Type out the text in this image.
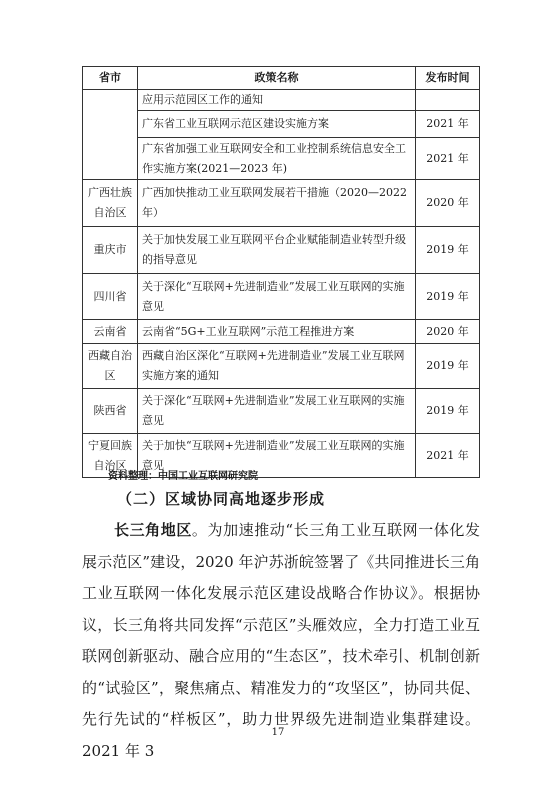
省市	政策名称	发布时间
	应用示范园区工作的通知	
	广东省工业互联网示范区建设实施方案	2021 年
	广东省加强工业互联网安全和工业控制系统信息安全工作实施方案(2021—2023 年)	2021 年
广西壮族自治区	广西加快推动工业互联网发展若干措施（2020—2022年）	2020 年
重庆市	关于加快发展工业互联网平台企业赋能制造业转型升级的指导意见	2019 年
四川省	关于深化“互联网+先进制造业”发展工业互联网的实施意见	2019 年
云南省	云南省“5G+工业互联网”示范工程推进方案	2020 年
西藏自治区	西藏自治区深化“互联网+先进制造业”发展工业互联网实施方案的通知	2019 年
陕西省	关于深化“互联网+先进制造业”发展工业互联网的实施意见	2019 年
宁夏回族自治区	关于加快“互联网+先进制造业”发展工业互联网的实施意见	2021 年
资料整理：中国工业互联网研究院
（二）区域协同高地逐步形成

长三角地区。为加速推动“长三角工业互联网一体化发展示范区”建设，2020 年沪苏浙皖签署了《共同推进长三角工业互联网一体化发展示范区建设战略合作协议》。根据协议，长三角将共同发挥“示范区”头雁效应，全力打造工业互联网创新驱动、融合应用的“生态区”，技术牵引、机制创新的“试验区”，聚焦痛点、精准发力的“攻坚区”，协同共促、先行先试的“样板区”，助力世界级先进制造业集群建设。2021 年 3

17
